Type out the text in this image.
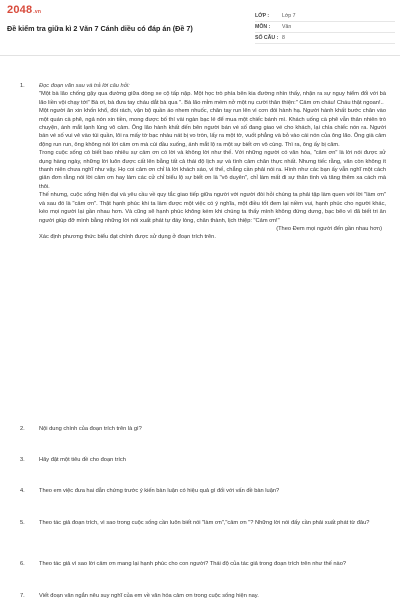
2048.vn
Đề kiểm tra giữa kì 2 Văn 7 Cánh diều có đáp án (Đề 7)
LỚP :	Lớp 7
MÔN :	Văn
SỐ CÂU : 8
1.	Đọc đoạn văn sau và trả lời câu hỏi:

"Một bà lão chống gậy qua đường giữa dòng xe cộ tấp nập. Một học trò phía bên kia đường nhìn thấy, nhận ra sự nguy hiểm đối với bà lão liền vội chạy tới" Bà ơi, bà đưa tay cháu dắt bà qua ". Bà lão mỉm mém nở một nụ cười thân thiện:" Cảm ơn cháu! Cháu thật ngoan!..

Một người ăn xin khốn khổ, đói rách, vận bộ quần áo nhem nhuốc, chân tay run lên vì cơn đói hành hạ. Người hành khất bước chân vào một quán cà phê, ngả nón xin tiền, mong được bố thí vài ngàn bạc lẻ để mua một chiếc bánh mì. Khách uống cà phê vẫn thản nhiên trò chuyện, ánh mắt lạnh lùng vô cảm. Ông lão hành khất đến bên người bán vé số đang giao vé cho khách, lại chìa chiếc nón ra. Người bán vé số vui vẻ vào túi quần, lôi ra mấy tờ bạc nhàu nát bị vo tròn, lấy ra một tờ, vuốt phẳng và bỏ vào cái nón của ông lão. Ông già cảm động run run, ông không nói lời cảm ơn mà cúi đầu xuống, ánh mắt lộ ra một sự biết ơn vô cùng. Thì ra, ông ấy bị câm.

Trong cuộc sống có biết bao nhiêu sự cảm ơn có lời và không lời như thế. Với những người có văn hóa, "cảm ơn" là lời nói được sử dụng hàng ngày, những lời luôn được cất lên bằng tất cả thái độ lịch sự và tình cảm chân thực nhất. Nhưng tiếc rằng, văn còn không ít thanh niên chưa nghĩ như vậy. Họ coi cảm ơn chỉ là lời khách sáo, vì thế, chẳng cần phải nói ra. Hình như các bạn ấy vẫn nghĩ một cách giản đơn rằng nói lời cảm ơn hay làm các cử chỉ biểu lộ sự biết ơn là "vô duyên", chỉ làm mất đi sự thân tình và tăng thêm xa cách mà thôi.

Thế nhưng, cuộc sống hiện đại và yêu cầu về quy tắc giao tiếp giữa người với người đòi hỏi chúng ta phải tập làm quen với lời "làm ơn" và sau đó là "cảm ơn". Thật hạnh phúc khi ta làm được một việc có ý nghĩa, một điều tốt đem lại niềm vui, hạnh phúc cho người khác, kéo mọi người lại gần nhau hơn. Và cũng sẽ hạnh phúc không kém khi chúng ta thấy mình không đứng dưng, bạc bẽo vì đã biết tri ân người giúp đỡ mình bằng những lời nói xuất phát tự đáy lòng, chân thành, lịch thiệp: "Cảm ơn!"

(Theo Đem mọi người đến gần nhau hơn)
Xác định phương thức biểu đạt chính được sử dụng ở đoạn trích trên.
2.	Nội dung chính của đoạn trích trên là gì?
3.	Hãy đặt một tiêu đề cho đoạn trích
4.	Theo em việc đưa hai dẫn chứng trước ý kiến bàn luận có hiệu quả gì đối với vấn đề bàn luận?
5.	Theo tác giả đoạn trích, vì sao trong cuộc sống cần luôn biết nói "làm ơn","cảm ơn "? Những lời nói đấy cần phải xuất phát từ đâu?
6.	Theo tác giả vì sao lời cảm ơn mang lại hạnh phúc cho con người? Thái độ của tác giả trong đoạn trích trên như thế nào?
7.	Viết đoạn văn ngắn nêu suy nghĩ của em về văn hóa cảm ơn trong cuộc sống hiện nay.
